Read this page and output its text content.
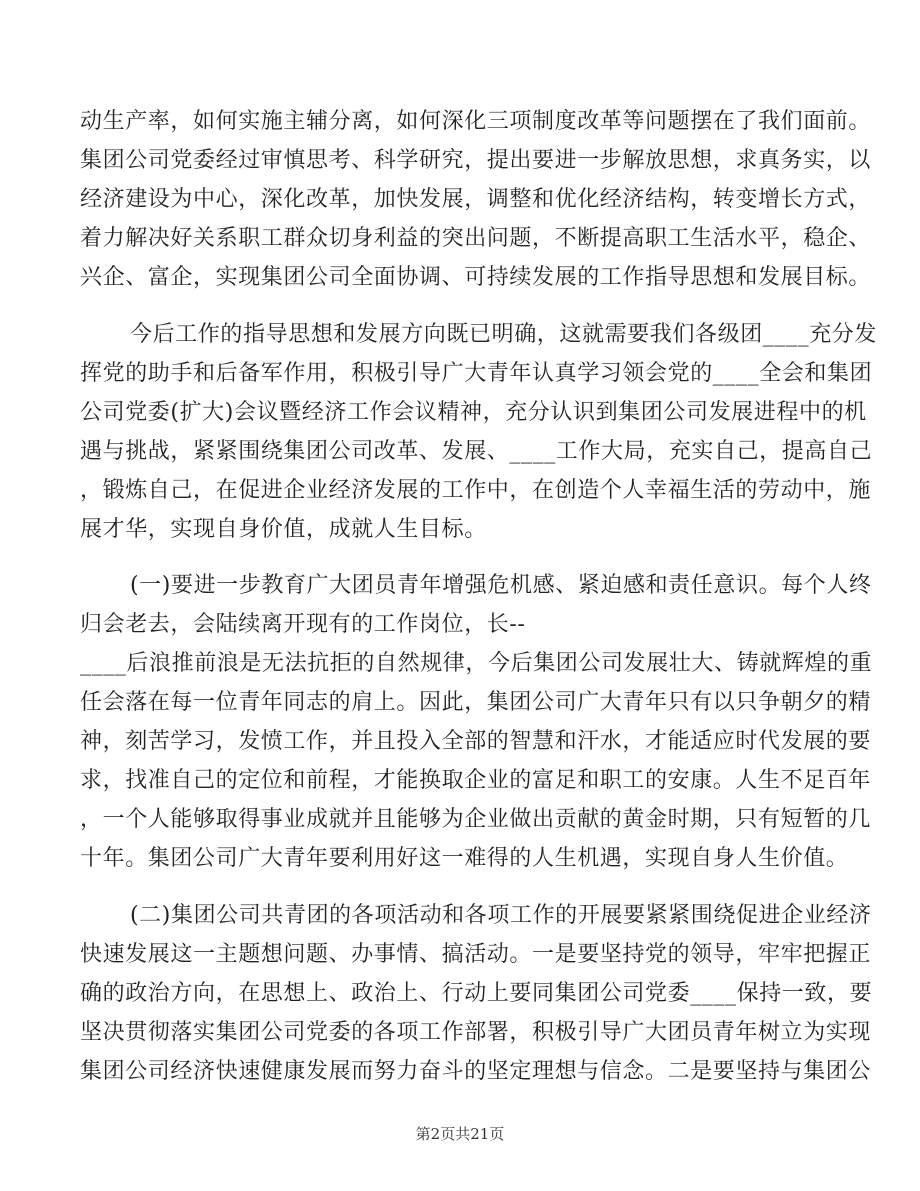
动生产率，如何实施主辅分离，如何深化三项制度改革等问题摆在了我们面前。
集团公司党委经过审慎思考、科学研究，提出要进一步解放思想，求真务实，以
经济建设为中心，深化改革，加快发展，调整和优化经济结构，转变增长方式，
着力解决好关系职工群众切身利益的突出问题，不断提高职工生活水平，稳企、
兴企、富企，实现集团公司全面协调、可持续发展的工作指导思想和发展目标。
今后工作的指导思想和发展方向既已明确，这就需要我们各级团____充分发
挥党的助手和后备军作用，积极引导广大青年认真学习领会党的____全会和集团
公司党委(扩大)会议暨经济工作会议精神，充分认识到集团公司发展进程中的机
遇与挑战，紧紧围绕集团公司改革、发展、____工作大局，充实自己，提高自己
，锻炼自己，在促进企业经济发展的工作中，在创造个人幸福生活的劳动中，施
展才华，实现自身价值，成就人生目标。
(一)要进一步教育广大团员青年增强危机感、紧迫感和责任意识。每个人终
归会老去，会陆续离开现有的工作岗位，长--
____后浪推前浪是无法抗拒的自然规律，今后集团公司发展壮大、铸就辉煌的重
任会落在每一位青年同志的肩上。因此，集团公司广大青年只有以只争朝夕的精
神，刻苦学习，发愤工作，并且投入全部的智慧和汗水，才能适应时代发展的要
求，找准自己的定位和前程，才能换取企业的富足和职工的安康。人生不足百年
，一个人能够取得事业成就并且能够为企业做出贡献的黄金时期，只有短暂的几
十年。集团公司广大青年要利用好这一难得的人生机遇，实现自身人生价值。
(二)集团公司共青团的各项活动和各项工作的开展要紧紧围绕促进企业经济
快速发展这一主题想问题、办事情、搞活动。一是要坚持党的领导，牢牢把握正
确的政治方向，在思想上、政治上、行动上要同集团公司党委____保持一致，要
坚决贯彻落实集团公司党委的各项工作部署，积极引导广大团员青年树立为实现
集团公司经济快速健康发展而努力奋斗的坚定理想与信念。二是要坚持与集团公
第2页共21页
